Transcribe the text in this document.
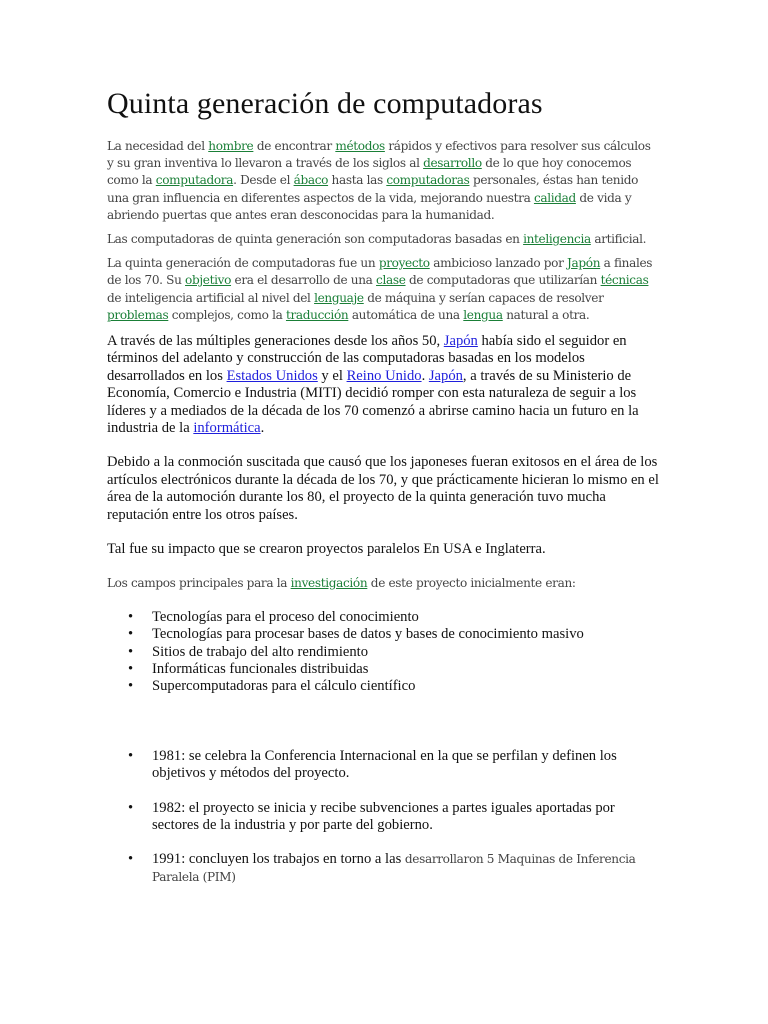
Quinta generación de computadoras

La necesidad del hombre de encontrar métodos rápidos y efectivos para resolver sus cálculos y su gran inventiva lo llevaron a través de los siglos al desarrollo de lo que hoy conocemos como la computadora. Desde el ábaco hasta las computadoras personales, éstas han tenido una gran influencia en diferentes aspectos de la vida, mejorando nuestra calidad de vida y abriendo puertas que antes eran desconocidas para la humanidad.

Las computadoras de quinta generación son computadoras basadas en inteligencia artificial.

La quinta generación de computadoras fue un proyecto ambicioso lanzado por Japón a finales de los 70. Su objetivo era el desarrollo de una clase de computadoras que utilizarían técnicas de inteligencia artificial al nivel del lenguaje de máquina y serían capaces de resolver problemas complejos, como la traducción automática de una lengua natural a otra.

A través de las múltiples generaciones desde los años 50, Japón había sido el seguidor en términos del adelanto y construcción de las computadoras basadas en los modelos desarrollados en los Estados Unidos y el Reino Unido. Japón, a través de su Ministerio de Economía, Comercio e Industria (MITI) decidió romper con esta naturaleza de seguir a los líderes y a mediados de la década de los 70 comenzó a abrirse camino hacia un futuro en la industria de la informática.

Debido a la conmoción suscitada que causó que los japoneses fueran exitosos en el área de los artículos electrónicos durante la década de los 70, y que prácticamente hicieran lo mismo en el área de la automoción durante los 80, el proyecto de la quinta generación tuvo mucha reputación entre los otros países.

Tal fue su impacto que se crearon proyectos paralelos En USA e Inglaterra.

Los campos principales para la investigación de este proyecto inicialmente eran:

• Tecnologías para el proceso del conocimiento
• Tecnologías para procesar bases de datos y bases de conocimiento masivo
• Sitios de trabajo del alto rendimiento
• Informáticas funcionales distribuidas
• Supercomputadoras para el cálculo científico
• 1981: se celebra la Conferencia Internacional en la que se perfilan y definen los objetivos y métodos del proyecto.
• 1982: el proyecto se inicia y recibe subvenciones a partes iguales aportadas por sectores de la industria y por parte del gobierno.
• 1991: concluyen los trabajos en torno a las desarrollaron 5 Maquinas de Inferencia Paralela (PIM)
